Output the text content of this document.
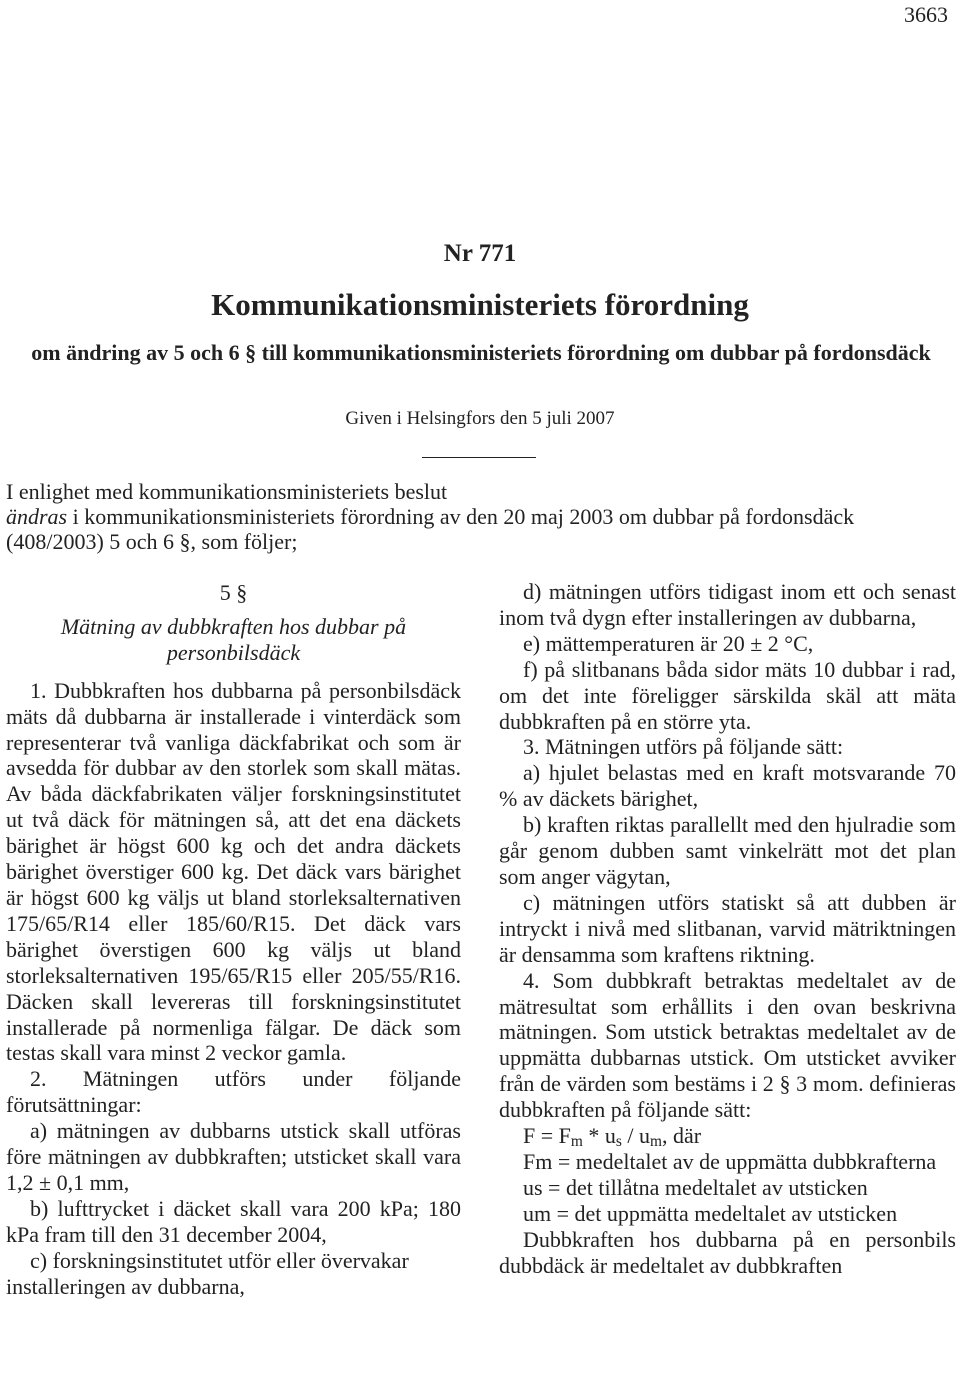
3663
Nr 771
Kommunikationsministeriets förordning
om ändring av 5 och 6 § till kommunikationsministeriets förordning om dubbar på fordonsdäck
Given i Helsingfors den 5 juli 2007

I enlighet med kommunikationsministeriets beslut

ändras i kommunikationsministeriets förordning av den 20 maj 2003 om dubbar på fordonsdäck (408/2003) 5 och 6 §, som följer;

5 §

Mätning av dubbkraften hos dubbar på personbilsdäck

1. Dubbkraften hos dubbarna på personbilsdäck mäts då dubbarna är installerade i vinterdäck som representerar två vanliga däckfabrikat och som är avsedda för dubbar av den storlek som skall mätas. Av båda däckfabrikaten väljer forskningsinstitutet ut två däck för mätningen så, att det ena däckets bärighet är högst 600 kg och det andra däckets bärighet överstiger 600 kg. Det däck vars bärighet är högst 600 kg väljs ut bland storleksalternativen 175/65/R14 eller 185/60/R15. Det däck vars bärighet överstigen 600 kg väljs ut bland storleksalternativen 195/65/R15 eller 205/55/R16. Däcken skall levereras till forskningsinstitutet installerade på normenliga fälgar. De däck som testas skall vara minst 2 veckor gamla.

2. Mätningen utförs under följande förutsättningar:

a) mätningen av dubbarns utstick skall utföras före mätningen av dubbkraften; utsticket skall vara 1,2 ± 0,1 mm,

b) lufttrycket i däcket skall vara 200 kPa; 180 kPa fram till den 31 december 2004,

c) forskningsinstitutet utför eller övervakar installeringen av dubbarna,

d) mätningen utförs tidigast inom ett och senast inom två dygn efter installeringen av dubbarna,

e) mättemperaturen är 20 ± 2 °C,

f) på slitbanans båda sidor mäts 10 dubbar i rad, om det inte föreligger särskilda skäl att mäta dubbkraften på en större yta.

3. Mätningen utförs på följande sätt:

a) hjulet belastas med en kraft motsvarande 70 % av däckets bärighet,

b) kraften riktas parallellt med den hjulradie som går genom dubben samt vinkelrätt mot det plan som anger vägytan,

c) mätningen utförs statiskt så att dubben är intryckt i nivå med slitbanan, varvid mätriktningen är densamma som kraftens riktning.

4. Som dubbkraft betraktas medeltalet av de mätresultat som erhållits i den ovan beskrivna mätningen. Som utstick betraktas medeltalet av de uppmätta dubbarnas utstick. Om utsticket avviker från de värden som bestäms i 2 § 3 mom. definieras dubbkraften på följande sätt:

$F = F_m * u_s / u_m$, där

Fm = medeltalet av de uppmätta dubbkrafterna

us = det tillåtna medeltalet av utsticken

um = det uppmätta medeltalet av utsticken

Dubbkraften hos dubbarna på en personbils dubbdäck är medeltalet av dubbkraften
